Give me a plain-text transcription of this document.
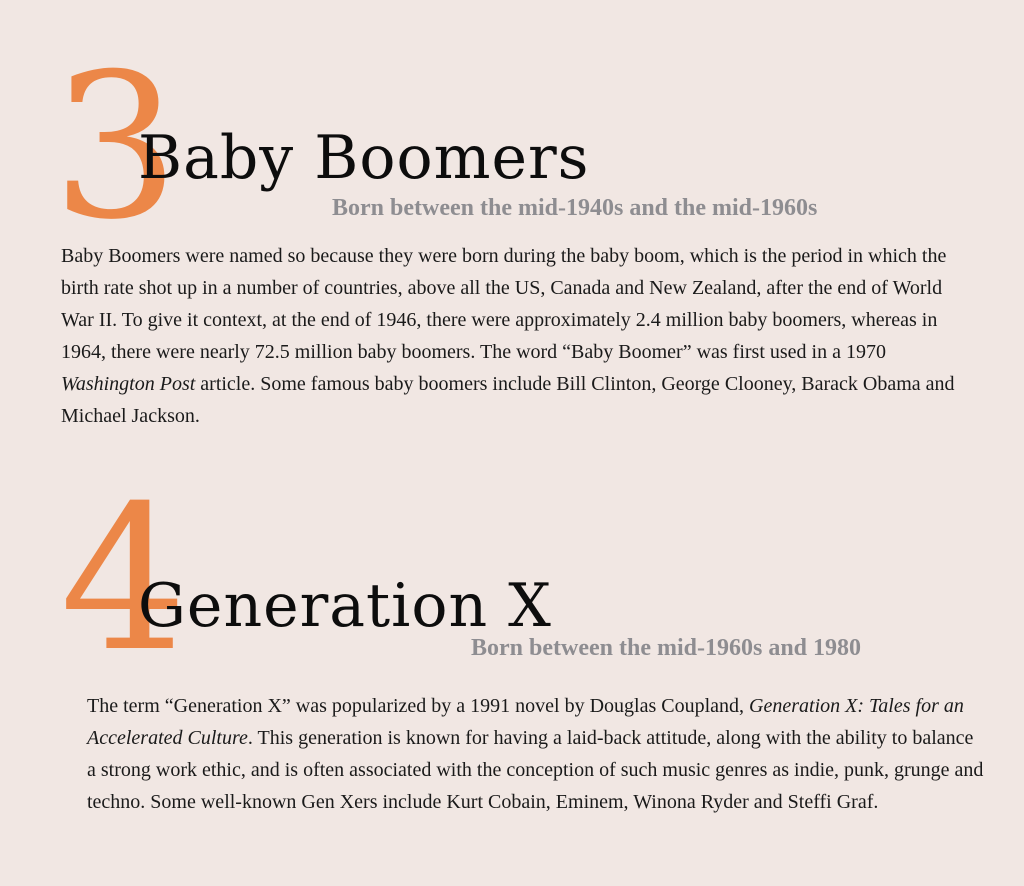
3
Baby Boomers
Born between the mid-1940s and the mid-1960s

Baby Boomers were named so because they were born during the baby boom, which is the period in which the birth rate shot up in a number of countries, above all the US, Canada and New Zealand, after the end of World War II. To give it context, at the end of 1946, there were approximately 2.4 million baby boomers, whereas in 1964, there were nearly 72.5 million baby boomers. The word “Baby Boomer” was first used in a 1970 Washington Post article. Some famous baby boomers include Bill Clinton, George Clooney, Barack Obama and Michael Jackson.

4
Generation X
Born between the mid-1960s and 1980

The term “Generation X” was popularized by a 1991 novel by Douglas Coupland, Generation X: Tales for an Accelerated Culture. This generation is known for having a laid-back attitude, along with the ability to balance a strong work ethic, and is often associated with the conception of such music genres as indie, punk, grunge and techno. Some well-known Gen Xers include Kurt Cobain, Eminem, Winona Ryder and Steffi Graf.
